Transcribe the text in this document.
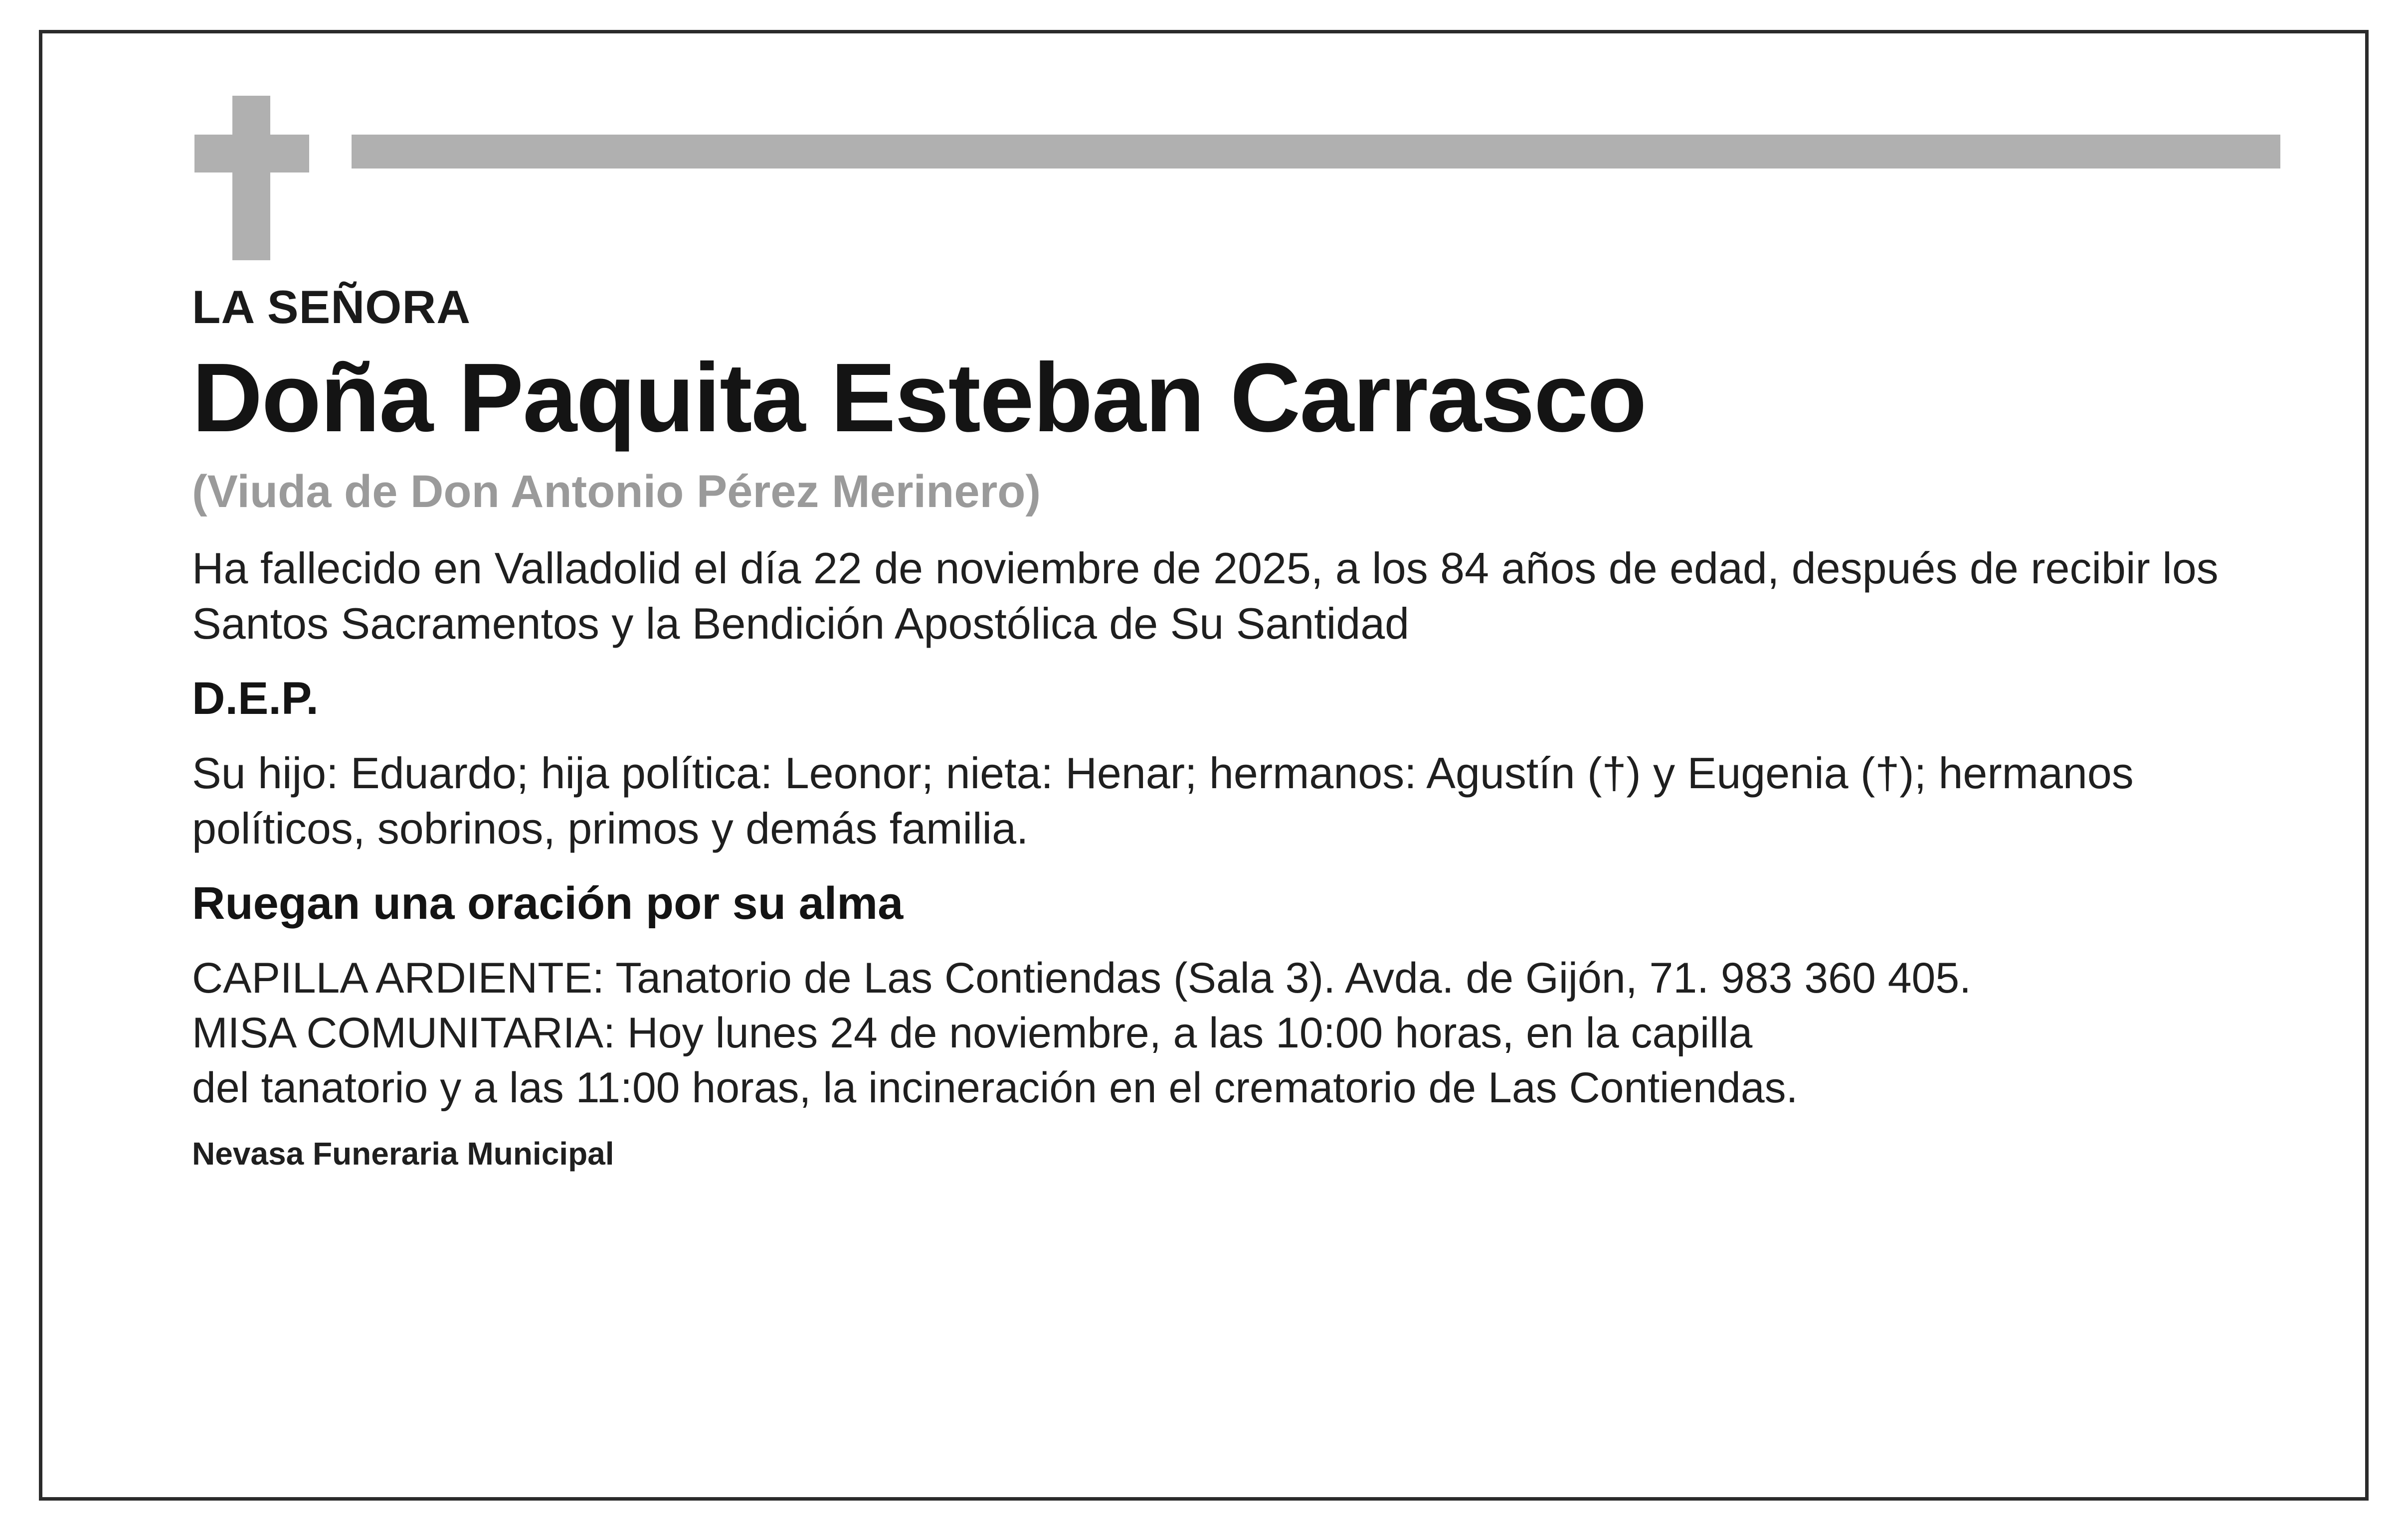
LA SEÑORA

Doña Paquita Esteban Carrasco

(Viuda de Don Antonio Pérez Merinero)

Ha fallecido en Valladolid el día 22 de noviembre de 2025, a los 84 años de edad, después de recibir los Santos Sacramentos y la Bendición Apostólica de Su Santidad

D.E.P.

Su hijo: Eduardo; hija política: Leonor; nieta: Henar; hermanos: Agustín (†) y Eugenia (†); hermanos políticos, sobrinos, primos y demás familia.

Ruegan una oración por su alma

CAPILLA ARDIENTE: Tanatorio de Las Contiendas (Sala 3). Avda. de Gijón, 71. 983 360 405.
MISA COMUNITARIA: Hoy lunes 24 de noviembre, a las 10:00 horas, en la capilla
del tanatorio y a las 11:00 horas, la incineración en el crematorio de Las Contiendas.

Nevasa Funeraria Municipal
